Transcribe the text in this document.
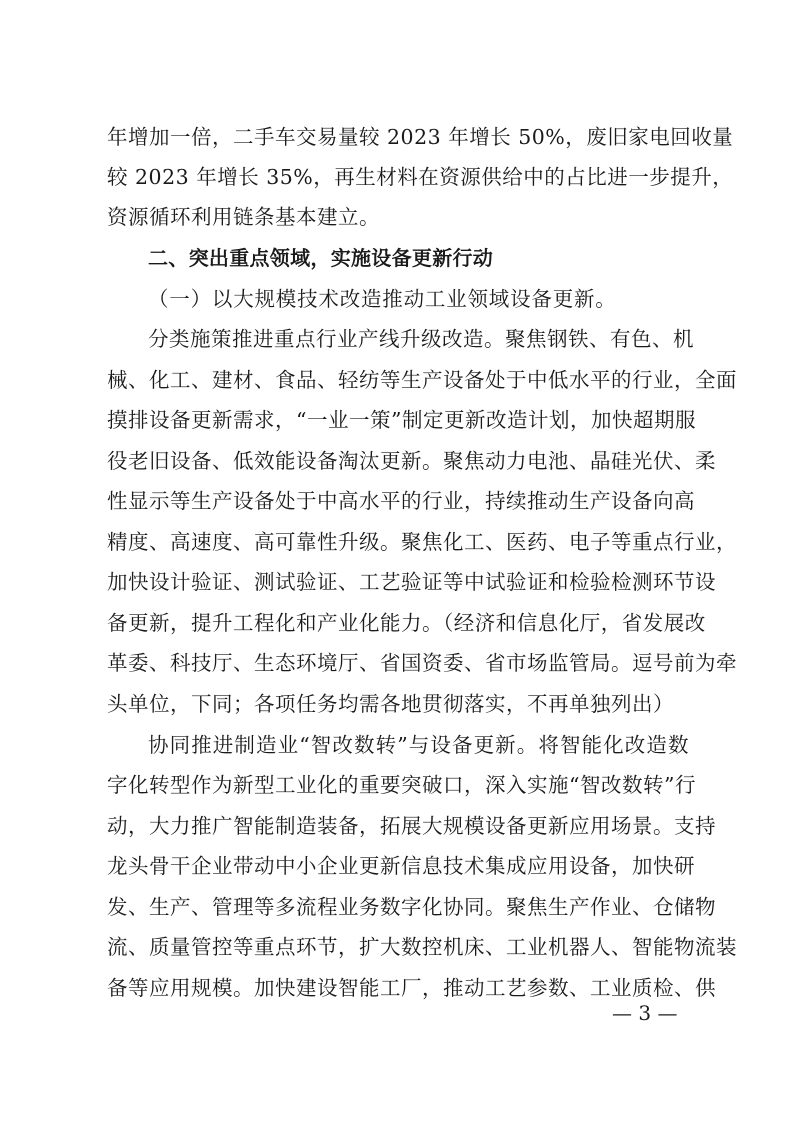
年增加一倍，二手车交易量较 2023 年增长 50%，废旧家电回收量
较 2023 年增长 35%，再生材料在资源供给中的占比进一步提升，
资源循环利用链条基本建立。
二、突出重点领域，实施设备更新行动
（一）以大规模技术改造推动工业领域设备更新。
分类施策推进重点行业产线升级改造。聚焦钢铁、有色、机
械、化工、建材、食品、轻纺等生产设备处于中低水平的行业，全面
摸排设备更新需求，“一业一策”制定更新改造计划，加快超期服
役老旧设备、低效能设备淘汰更新。聚焦动力电池、晶硅光伏、柔
性显示等生产设备处于中高水平的行业，持续推动生产设备向高
精度、高速度、高可靠性升级。聚焦化工、医药、电子等重点行业，
加快设计验证、测试验证、工艺验证等中试验证和检验检测环节设
备更新，提升工程化和产业化能力。（经济和信息化厅，省发展改
革委、科技厅、生态环境厅、省国资委、省市场监管局。逗号前为牵
头单位，下同；各项任务均需各地贯彻落实，不再单独列出）
协同推进制造业“智改数转”与设备更新。将智能化改造数
字化转型作为新型工业化的重要突破口，深入实施“智改数转”行
动，大力推广智能制造装备，拓展大规模设备更新应用场景。支持
龙头骨干企业带动中小企业更新信息技术集成应用设备，加快研
发、生产、管理等多流程业务数字化协同。聚焦生产作业、仓储物
流、质量管控等重点环节，扩大数控机床、工业机器人、智能物流装
备等应用规模。加快建设智能工厂，推动工艺参数、工业质检、供
— 3 —
